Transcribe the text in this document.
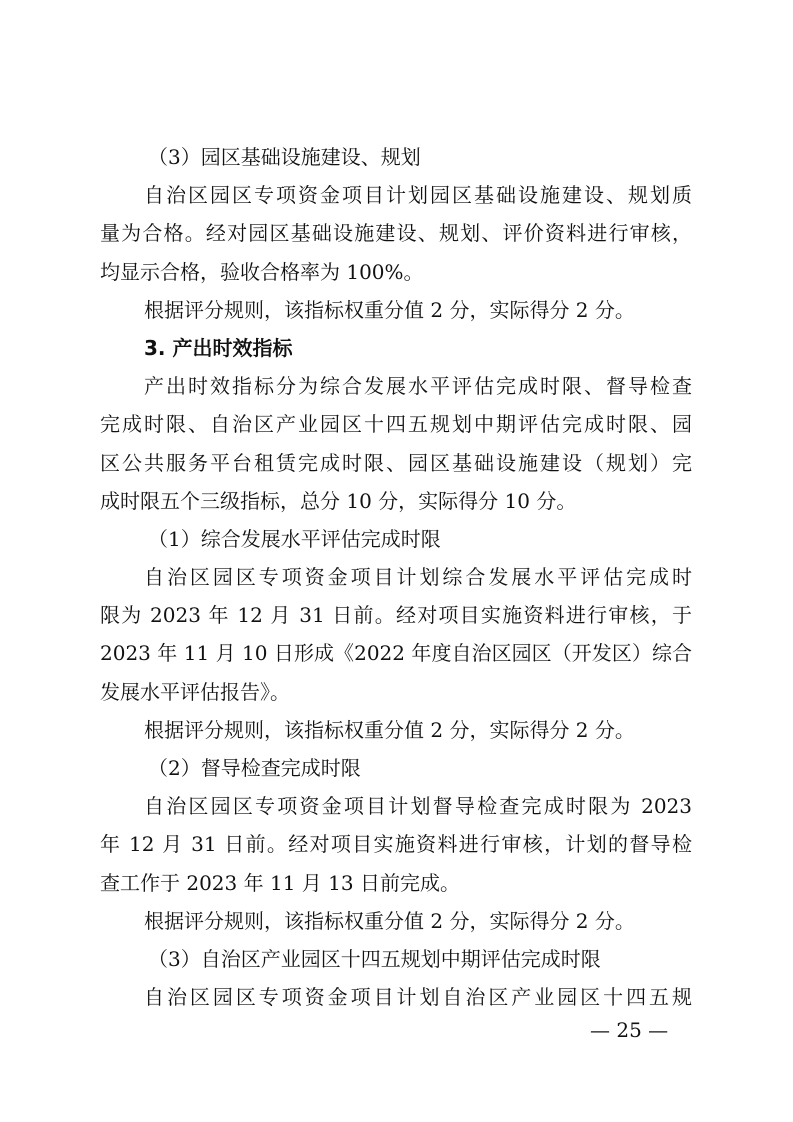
（3）园区基础设施建设、规划
自治区园区专项资金项目计划园区基础设施建设、规划质
量为合格。经对园区基础设施建设、规划、评价资料进行审核，
均显示合格，验收合格率为 100%。
根据评分规则，该指标权重分值 2 分，实际得分 2 分。
3. 产出时效指标
产出时效指标分为综合发展水平评估完成时限、督导检查
完成时限、自治区产业园区十四五规划中期评估完成时限、园
区公共服务平台租赁完成时限、园区基础设施建设（规划）完
成时限五个三级指标，总分 10 分，实际得分 10 分。
（1）综合发展水平评估完成时限
自治区园区专项资金项目计划综合发展水平评估完成时
限为 2023 年 12 月 31 日前。经对项目实施资料进行审核，于
2023 年 11 月 10 日形成《2022 年度自治区园区（开发区）综合
发展水平评估报告》。
根据评分规则，该指标权重分值 2 分，实际得分 2 分。
（2）督导检查完成时限
自治区园区专项资金项目计划督导检查完成时限为 2023
年 12 月 31 日前。经对项目实施资料进行审核，计划的督导检
查工作于 2023 年 11 月 13 日前完成。
根据评分规则，该指标权重分值 2 分，实际得分 2 分。
（3）自治区产业园区十四五规划中期评估完成时限
自治区园区专项资金项目计划自治区产业园区十四五规
— 25 —
